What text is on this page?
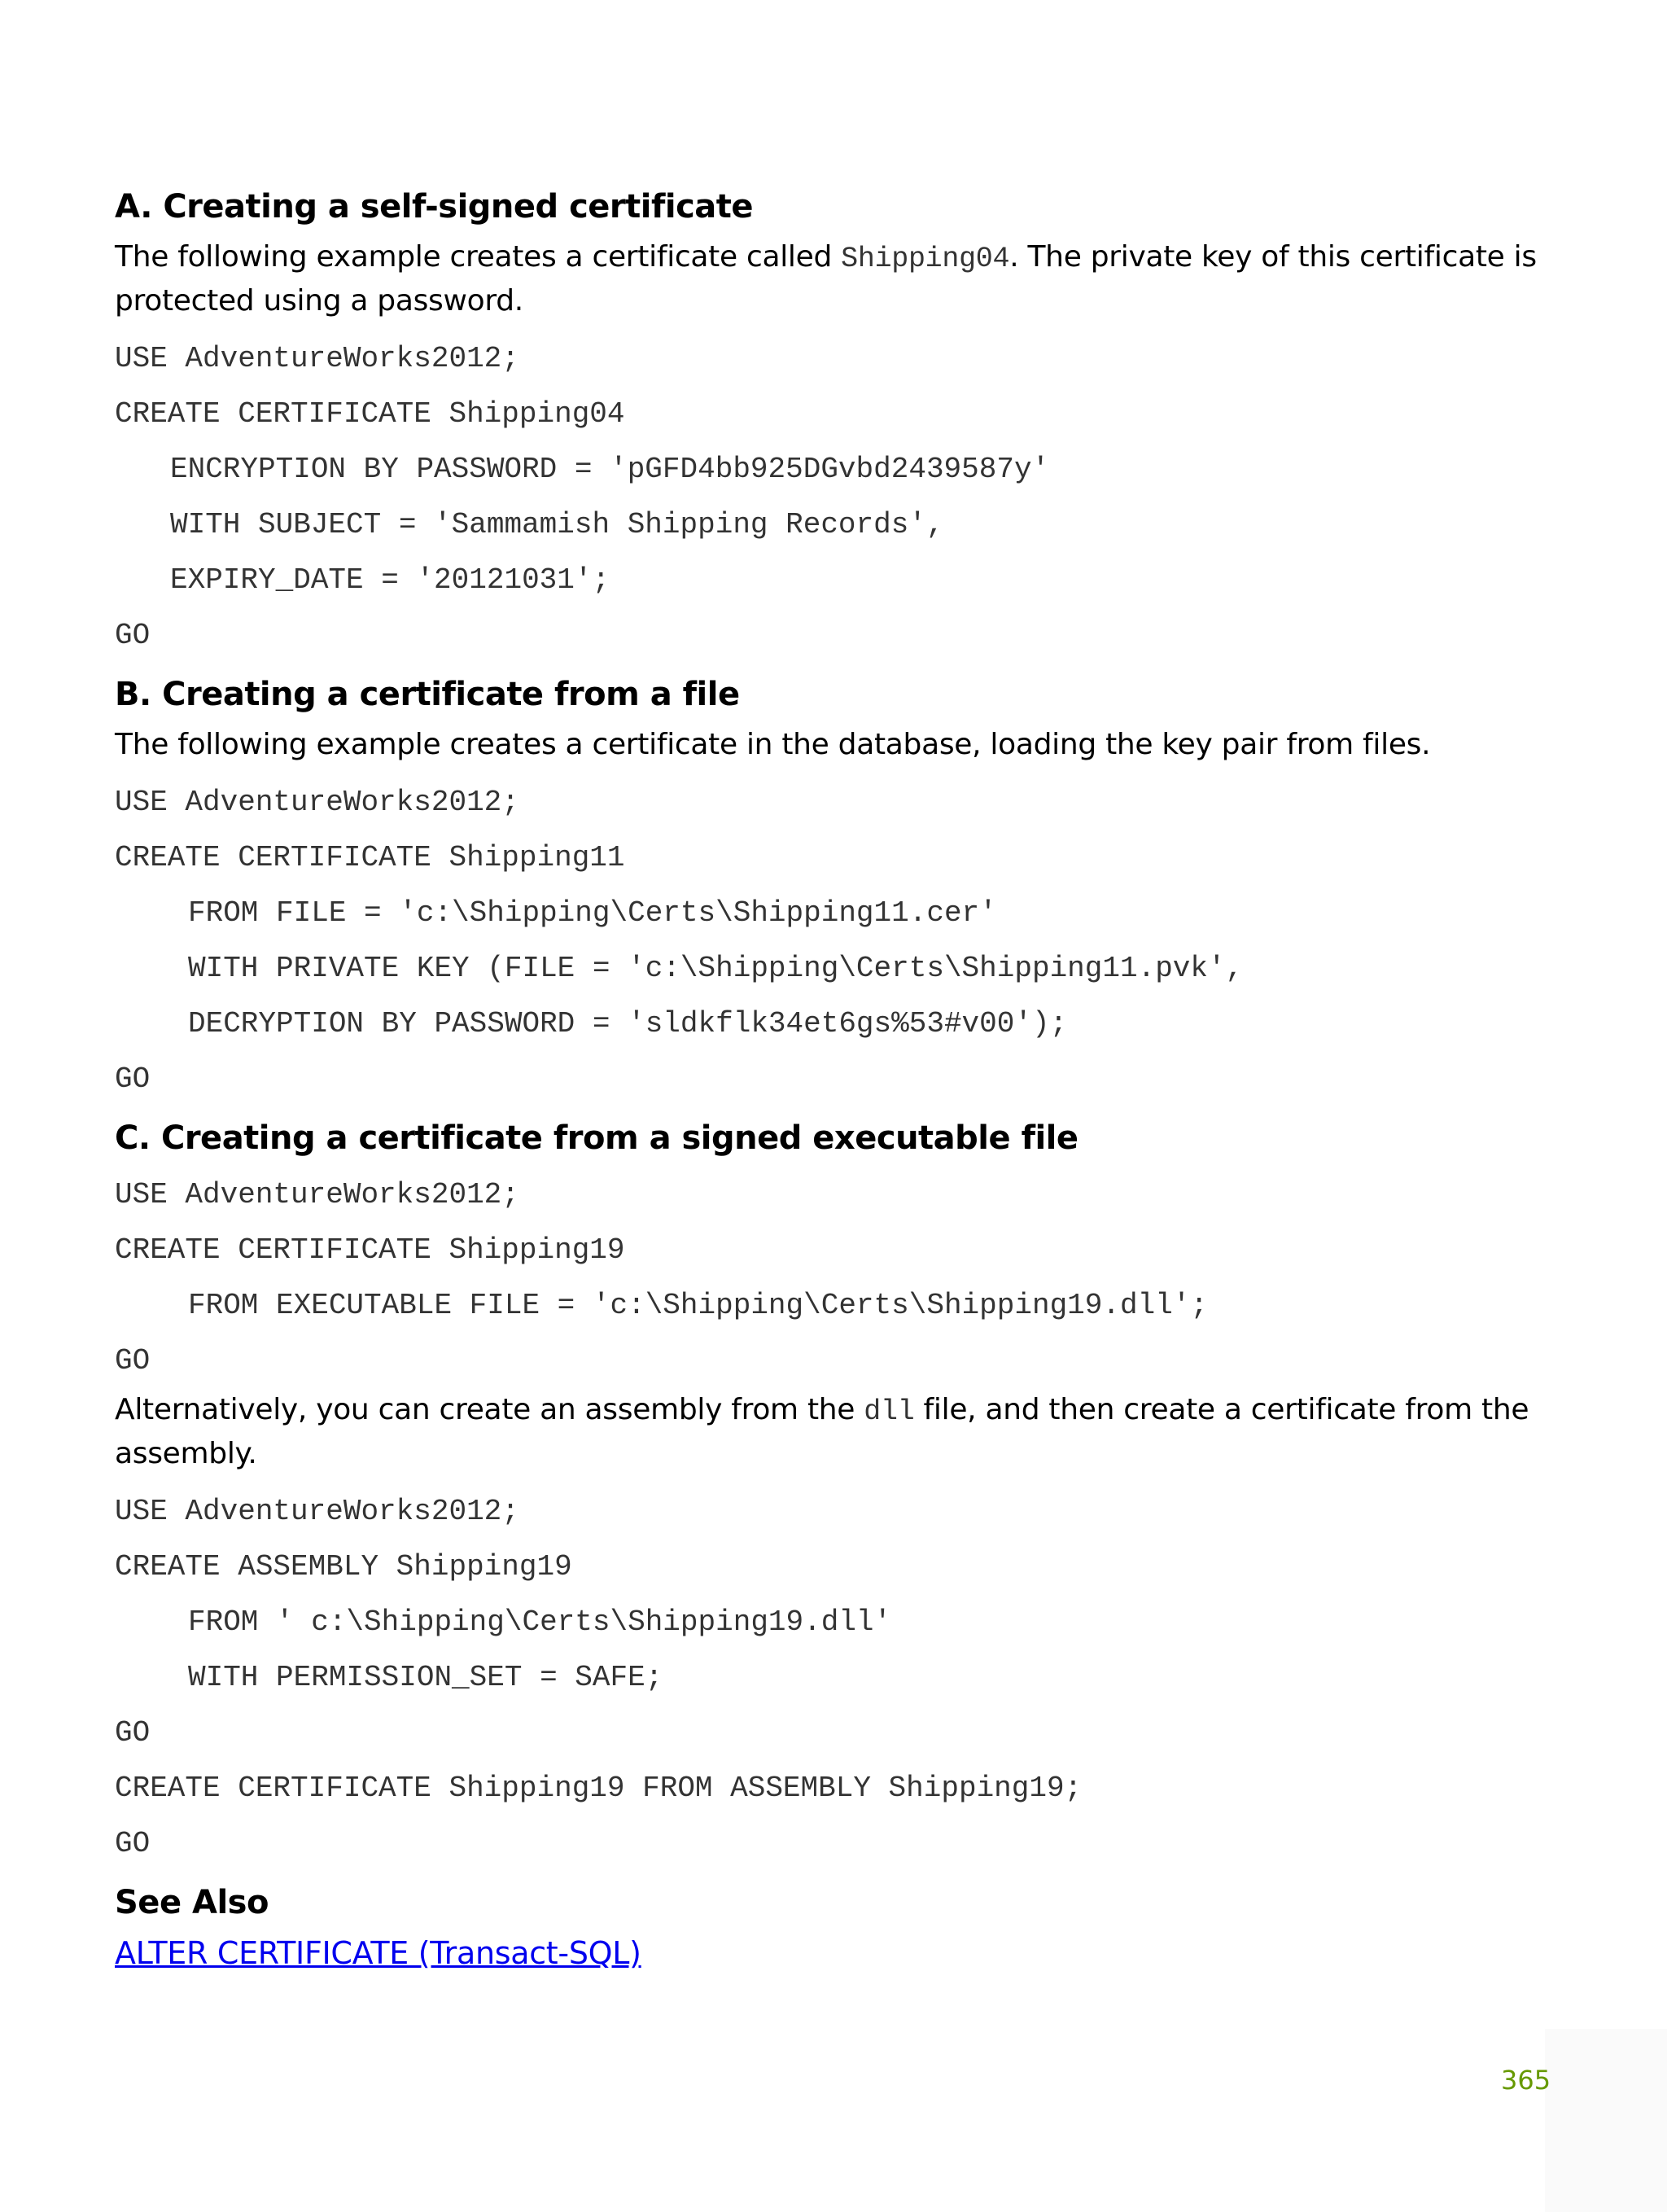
A. Creating a self-signed certificate

The following example creates a certificate called Shipping04. The private key of this certificate is protected using a password.

USE AdventureWorks2012;
CREATE CERTIFICATE Shipping04
ENCRYPTION BY PASSWORD = 'pGFD4bb925DGvbd2439587y'
WITH SUBJECT = 'Sammamish Shipping Records',
EXPIRY_DATE = '20121031';
GO
B. Creating a certificate from a file

The following example creates a certificate in the database, loading the key pair from files.

USE AdventureWorks2012;
CREATE CERTIFICATE Shipping11
FROM FILE = 'c:\Shipping\Certs\Shipping11.cer'
WITH PRIVATE KEY (FILE = 'c:\Shipping\Certs\Shipping11.pvk',
DECRYPTION BY PASSWORD = 'sldkflk34et6gs%53#v00');
GO
C. Creating a certificate from a signed executable file
USE AdventureWorks2012;
CREATE CERTIFICATE Shipping19
FROM EXECUTABLE FILE = 'c:\Shipping\Certs\Shipping19.dll';
GO

Alternatively, you can create an assembly from the dll file, and then create a certificate from the assembly.

USE AdventureWorks2012;
CREATE ASSEMBLY Shipping19
FROM ' c:\Shipping\Certs\Shipping19.dll'
WITH PERMISSION_SET = SAFE;
GO
CREATE CERTIFICATE Shipping19 FROM ASSEMBLY Shipping19;
GO
See Also
ALTER CERTIFICATE (Transact-SQL)
365
